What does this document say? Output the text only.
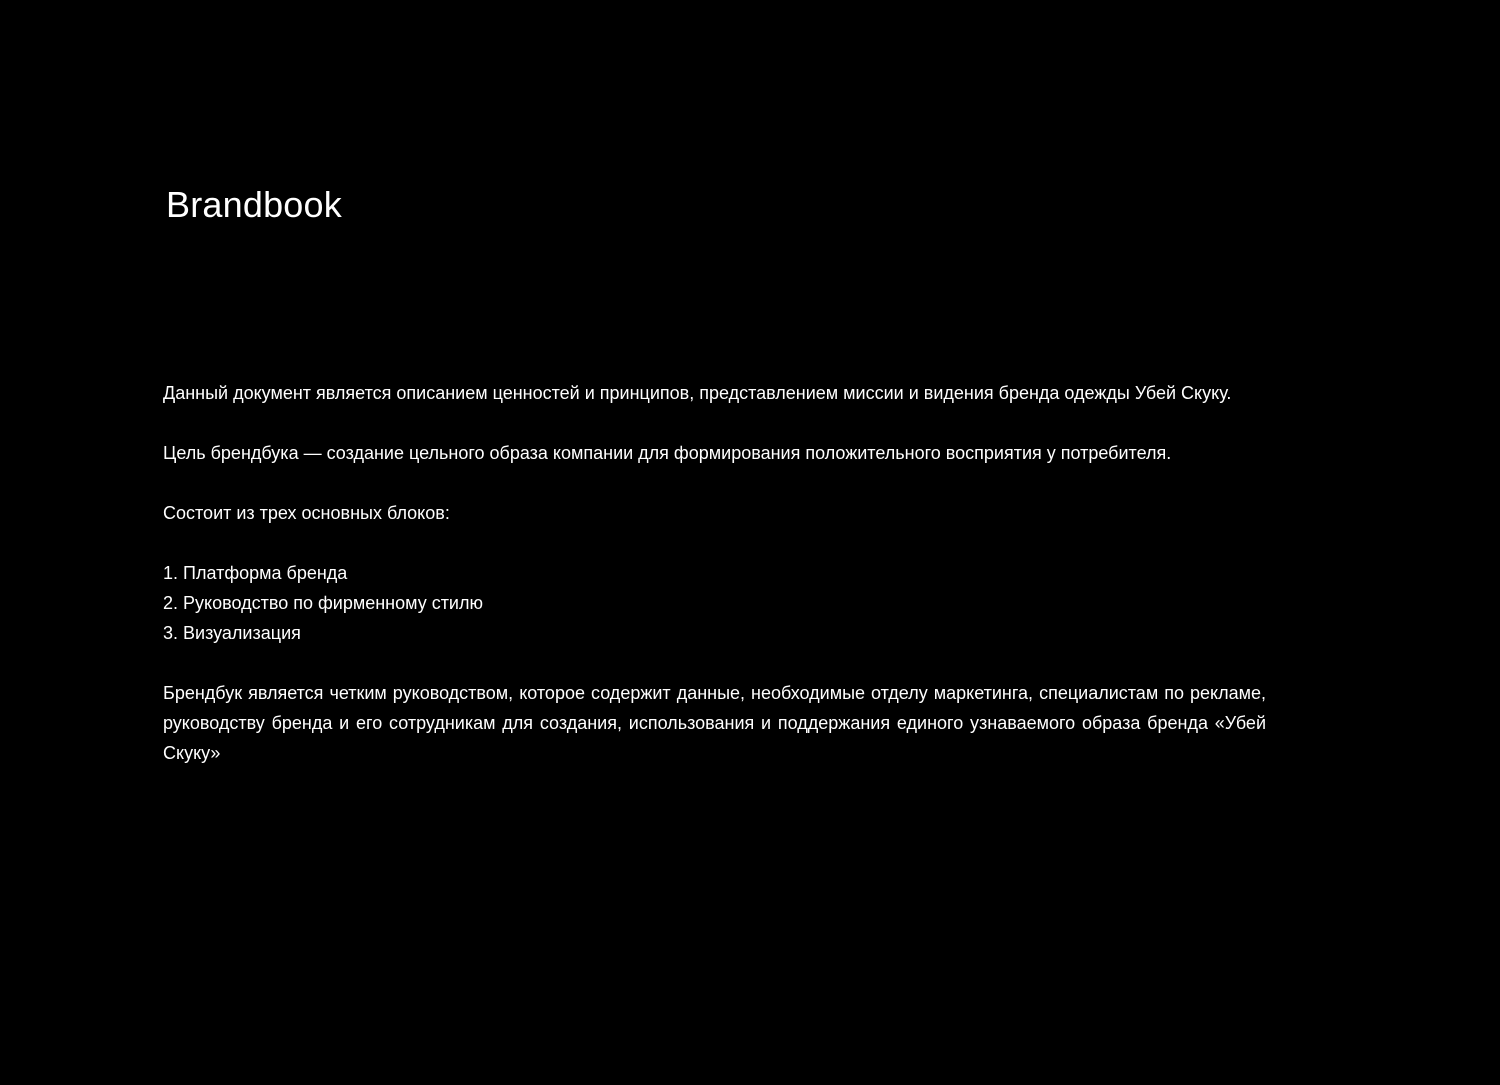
Brandbook

Данный документ является описанием ценностей и принципов, представлением миссии и видения бренда одежды Убей Скуку.

Цель брендбука — создание цельного образа компании для формирования положительного восприятия у потребителя.

Состоит из трех основных блоков:

1. Платформа бренда
2. Руководство по фирменному стилю
3. Визуализация

Брендбук является четким руководством, которое содержит данные, необходимые отделу маркетинга, специалистам по рекламе, руководству бренда и его сотрудникам для создания, использования и поддержания единого узнаваемого образа бренда «Убей Скуку»
